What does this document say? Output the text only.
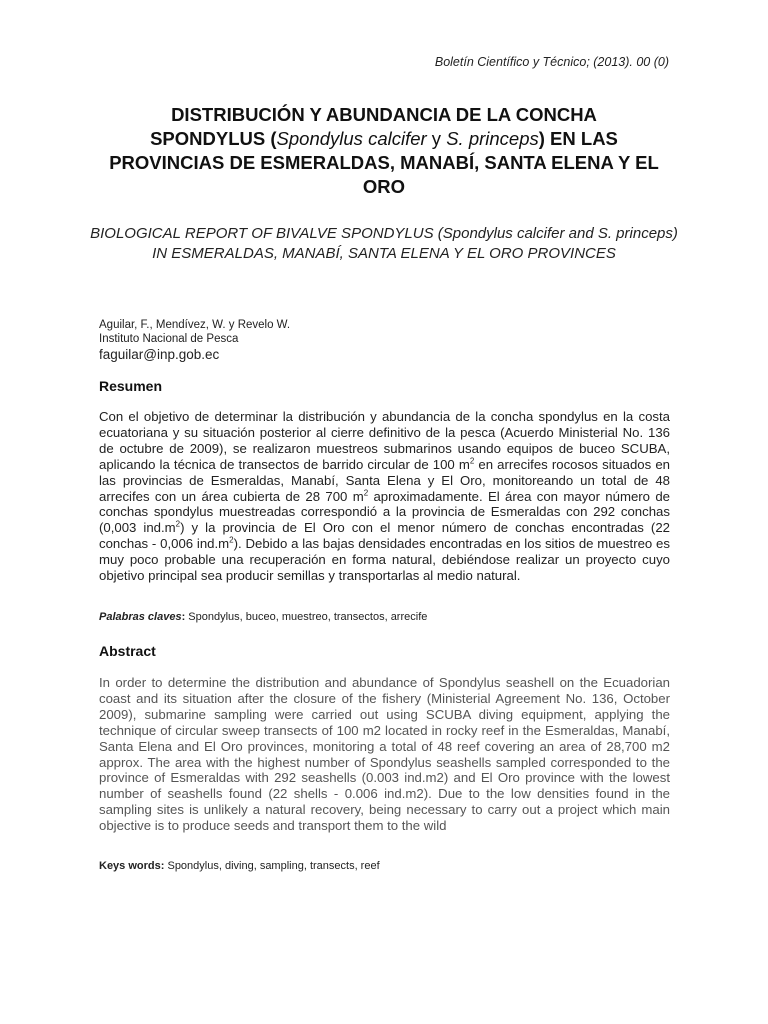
Boletín Científico y Técnico; (2013). 00 (0)
DISTRIBUCIÓN Y ABUNDANCIA DE LA CONCHA
SPONDYLUS (Spondylus calcifer y S. princeps) EN LAS PROVINCIAS DE ESMERALDAS, MANABÍ, SANTA ELENA Y EL ORO

BIOLOGICAL REPORT OF BIVALVE SPONDYLUS (Spondylus calcifer and S. princeps) IN ESMERALDAS, MANABÍ, SANTA ELENA Y EL ORO PROVINCES

Aguilar, F., Mendívez, W. y Revelo W.
Instituto Nacional de Pesca
faguilar@inp.gob.ec
Resumen

Con el objetivo de determinar la distribución y abundancia de la concha spondylus en la costa ecuatoriana y su situación posterior al cierre definitivo de la pesca (Acuerdo Ministerial No. 136 de octubre de 2009), se realizaron muestreos submarinos usando equipos de buceo SCUBA, aplicando la técnica de transectos de barrido circular de 100 $m^2$ en arrecifes rocosos situados en las provincias de Esmeraldas, Manabí, Santa Elena y El Oro, monitoreando un total de 48 arrecifes con un área cubierta de 28 700 $m^2$ aproximadamente. El área con mayor número de conchas spondylus muestreadas correspondió a la provincia de Esmeraldas con 292 conchas (0,003 $ind.m^2$) y la provincia de El Oro con el menor número de conchas encontradas (22 conchas - 0,006 $ind.m^2$). Debido a las bajas densidades encontradas en los sitios de muestreo es muy poco probable una recuperación en forma natural, debiéndose realizar un proyecto cuyo objetivo principal sea producir semillas y transportarlas al medio natural.

Palabras claves: Spondylus, buceo, muestreo, transectos, arrecife
Abstract

In order to determine the distribution and abundance of Spondylus seashell on the Ecuadorian coast and its situation after the closure of the fishery (Ministerial Agreement No. 136, October 2009), submarine sampling were carried out using SCUBA diving equipment, applying the technique of circular sweep transects of 100 m2 located in rocky reef in the Esmeraldas, Manabí, Santa Elena and El Oro provinces, monitoring a total of 48 reef covering an area of 28,700 m2 approx. The area with the highest number of Spondylus seashells sampled corresponded to the province of Esmeraldas with 292 seashells (0.003 ind.m2) and El Oro province with the lowest number of seashells found (22 shells - 0.006 ind.m2). Due to the low densities found in the sampling sites is unlikely a natural recovery, being necessary to carry out a project which main objective is to produce seeds and transport them to the wild

Keys words: Spondylus, diving, sampling, transects, reef
